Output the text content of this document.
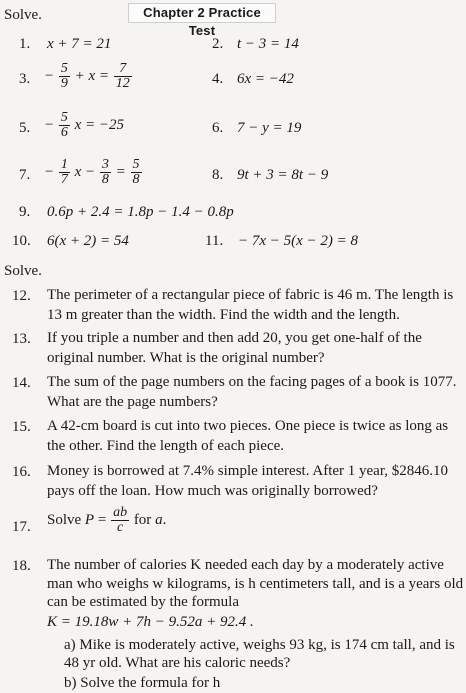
Solve.	Chapter 2 Practice Test
1. x + 7 = 21	2. t − 3 = 14
3. − $\frac{5}{9} + x = \frac{7}{12}$	4. 6x = −42
5. − $\frac{5}{6}$ x = −25	6. 7 − y = 19
7. − $\frac{1}{7}$ $x - \frac{3}{8} = \frac{5}{8}$	8. 9t + 3 = 8t − 9
9. 0.6p + 2.4 = 1.8p − 1.4 − 0.8p
10. 6(x + 2) = 54	11. − 7x − 5(x − 2) = 8
Solve.
12. The perimeter of a rectangular piece of fabric is 46 m. The length is 13 m greater than the width. Find the width and the length.
13. If you triple a number and then add 20, you get one-half of the original number. What is the original number?
14. The sum of the page numbers on the facing pages of a book is 1077. What are the page numbers?
15. A 42-cm board is cut into two pieces. One piece is twice as long as the other. Find the length of each piece.
16. Money is borrowed at 7.4% simple interest. After 1 year, $2846.10 pays off the loan. How much was originally borrowed?
17. Solve $P = \frac{ab}{c}$ for a.
18. The number of calories K needed each day by a moderately active man who weighs w kilograms, is h centimeters tall, and is a years old can be estimated by the formula
K = 19.18w + 7h − 9.52a + 92.4 .
a) Mike is moderately active, weighs 93 kg, is 174 cm tall, and is 48 yr old. What are his caloric needs?
b) Solve the formula for h
